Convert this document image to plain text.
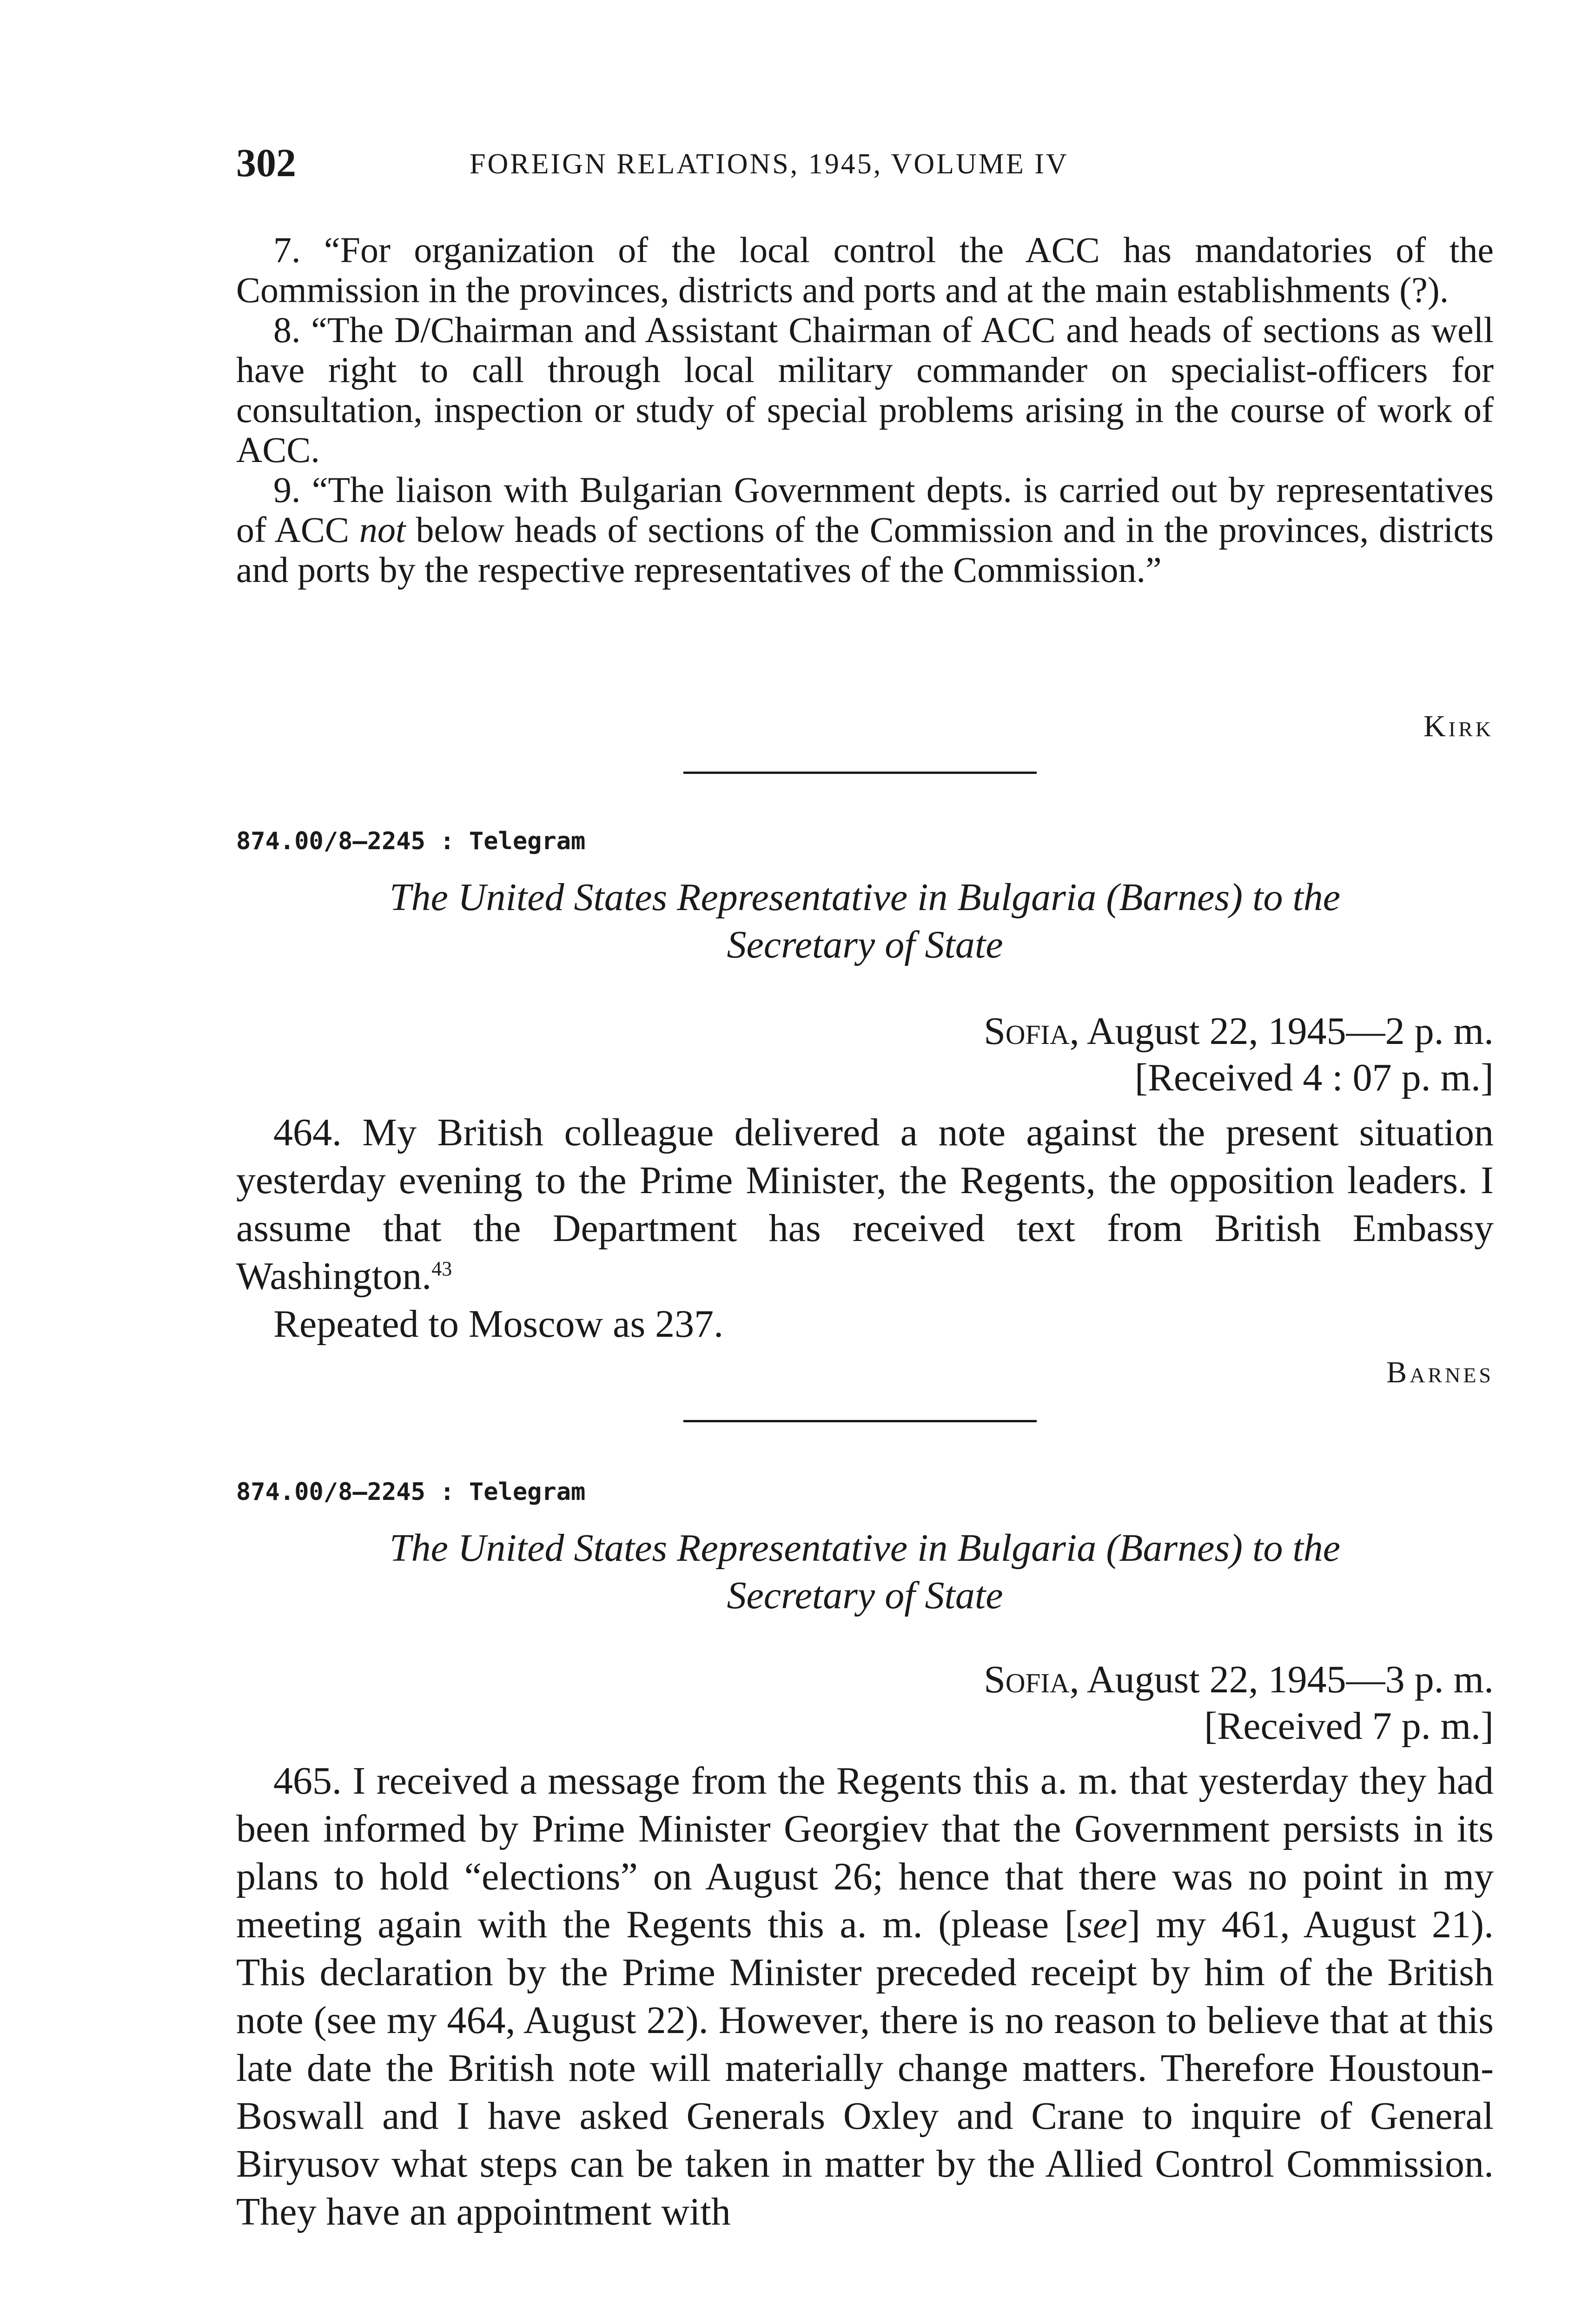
302	FOREIGN RELATIONS, 1945, VOLUME IV

7. “For organization of the local control the ACC has mandatories of the Commission in the provinces, districts and ports and at the main establishments (?).

8. “The D/Chairman and Assistant Chairman of ACC and heads of sections as well have right to call through local military commander on specialist-officers for consultation, inspection or study of special problems arising in the course of work of ACC.

9. “The liaison with Bulgarian Government depts. is carried out by representatives of ACC not below heads of sections of the Commission and in the provinces, districts and ports by the respective representatives of the Commission.”

Kirk
874.00/8–2245 : Telegram
The United States Representative in Bulgaria (Barnes) to the
Secretary of State
Sofia, August 22, 1945—2 p. m.
[Received 4 : 07 p. m.]

464. My British colleague delivered a note against the present situation yesterday evening to the Prime Minister, the Regents, the opposition leaders. I assume that the Department has received text from British Embassy Washington.$^{43}$

Repeated to Moscow as 237.

Barnes
874.00/8–2245 : Telegram
The United States Representative in Bulgaria (Barnes) to the
Secretary of State
Sofia, August 22, 1945—3 p. m.
[Received 7 p. m.]

465. I received a message from the Regents this a. m. that yesterday they had been informed by Prime Minister Georgiev that the Government persists in its plans to hold “elections” on August 26; hence that there was no point in my meeting again with the Regents this a. m. (please [see] my 461, August 21). This declaration by the Prime Minister preceded receipt by him of the British note (see my 464, August 22). However, there is no reason to believe that at this late date the British note will materially change matters. Therefore Houstoun-Boswall and I have asked Generals Oxley and Crane to inquire of General Biryusov what steps can be taken in matter by the Allied Control Commission. They have an appointment with
